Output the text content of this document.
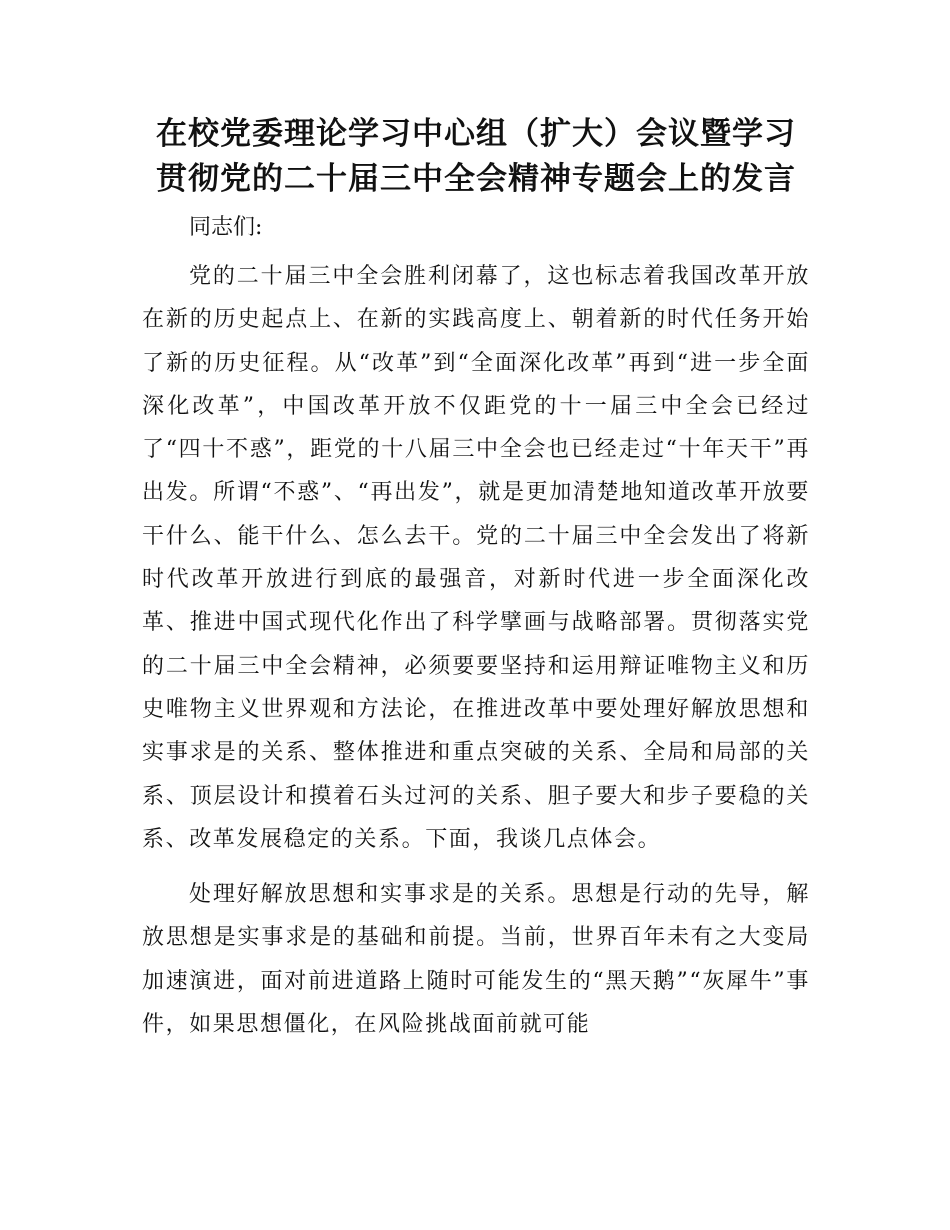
在校党委理论学习中心组（扩大）会议暨学习
贯彻党的二十届三中全会精神专题会上的发言

同志们:

党的二十届三中全会胜利闭幕了，这也标志着我国改革开放在新的历史起点上、在新的实践高度上、朝着新的时代任务开始了新的历史征程。从“改革”到“全面深化改革”再到“进一步全面深化改革”，中国改革开放不仅距党的十一届三中全会已经过了“四十不惑”，距党的十八届三中全会也已经走过“十年天干”再出发。所谓“不惑”、“再出发”，就是更加清楚地知道改革开放要干什么、能干什么、怎么去干。党的二十届三中全会发出了将新时代改革开放进行到底的最强音，对新时代进一步全面深化改革、推进中国式现代化作出了科学擘画与战略部署。贯彻落实党的二十届三中全会精神，必须要要坚持和运用辩证唯物主义和历史唯物主义世界观和方法论，在推进改革中要处理好解放思想和实事求是的关系、整体推进和重点突破的关系、全局和局部的关系、顶层设计和摸着石头过河的关系、胆子要大和步子要稳的关系、改革发展稳定的关系。下面，我谈几点体会。

处理好解放思想和实事求是的关系。思想是行动的先导，解放思想是实事求是的基础和前提。当前，世界百年未有之大变局加速演进，面对前进道路上随时可能发生的“黑天鹅”“灰犀牛”事件，如果思想僵化，在风险挑战面前就可能
